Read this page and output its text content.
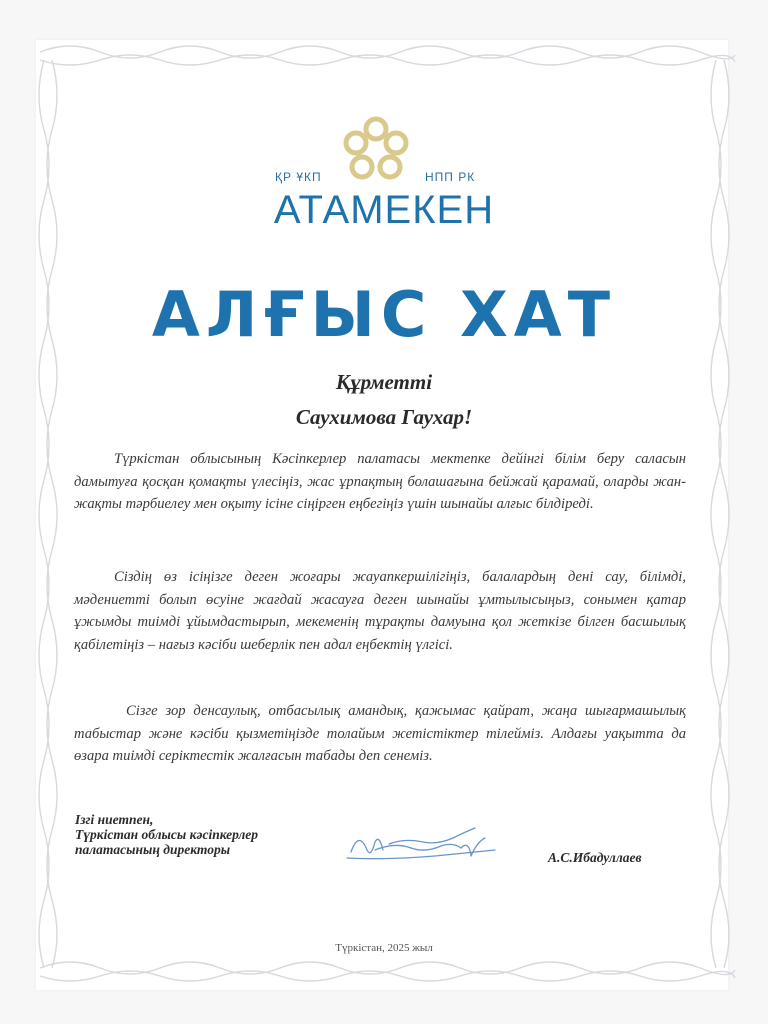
ҚР ҰКП	НПП РК
АТАМЕКЕН
АЛҒЫС ХАТ
Құрметті
Саухимова Гаухар!

Түркістан облысының Кәсіпкерлер палатасы мектепке дейінгі білім беру саласын дамытуға қосқан қомақты үлесіңіз, жас ұрпақтың болашағына бейжай қарамай, оларды жан-жақты тәрбиелеу мен оқыту ісіне сіңірген еңбегіңіз үшін шынайы алғыс білдіреді.

Сіздің өз ісіңізге деген жоғары жауапкершілігіңіз, балалардың дені сау, білімді, мәдениетті болып өсуіне жағдай жасауға деген шынайы ұмтылысыңыз, сонымен қатар ұжымды тиімді ұйымдастырып, мекеменің тұрақты дамуына қол жеткізе білген басшылық қабілетіңіз – нағыз кәсіби шеберлік пен адал еңбектің үлгісі.

Сізге зор денсаулық, отбасылық амандық, қажымас қайрат, жаңа шығармашылық табыстар және кәсіби қызметіңізде толайым жетістіктер тілейміз. Алдағы уақытта да өзара тиімді серіктестік жалғасын табады деп сенеміз.

Ізгі ниетпен,
Түркістан облысы кәсіпкерлер
палатасының директоры
А.С.Ибадуллаев
Түркістан, 2025 жыл
